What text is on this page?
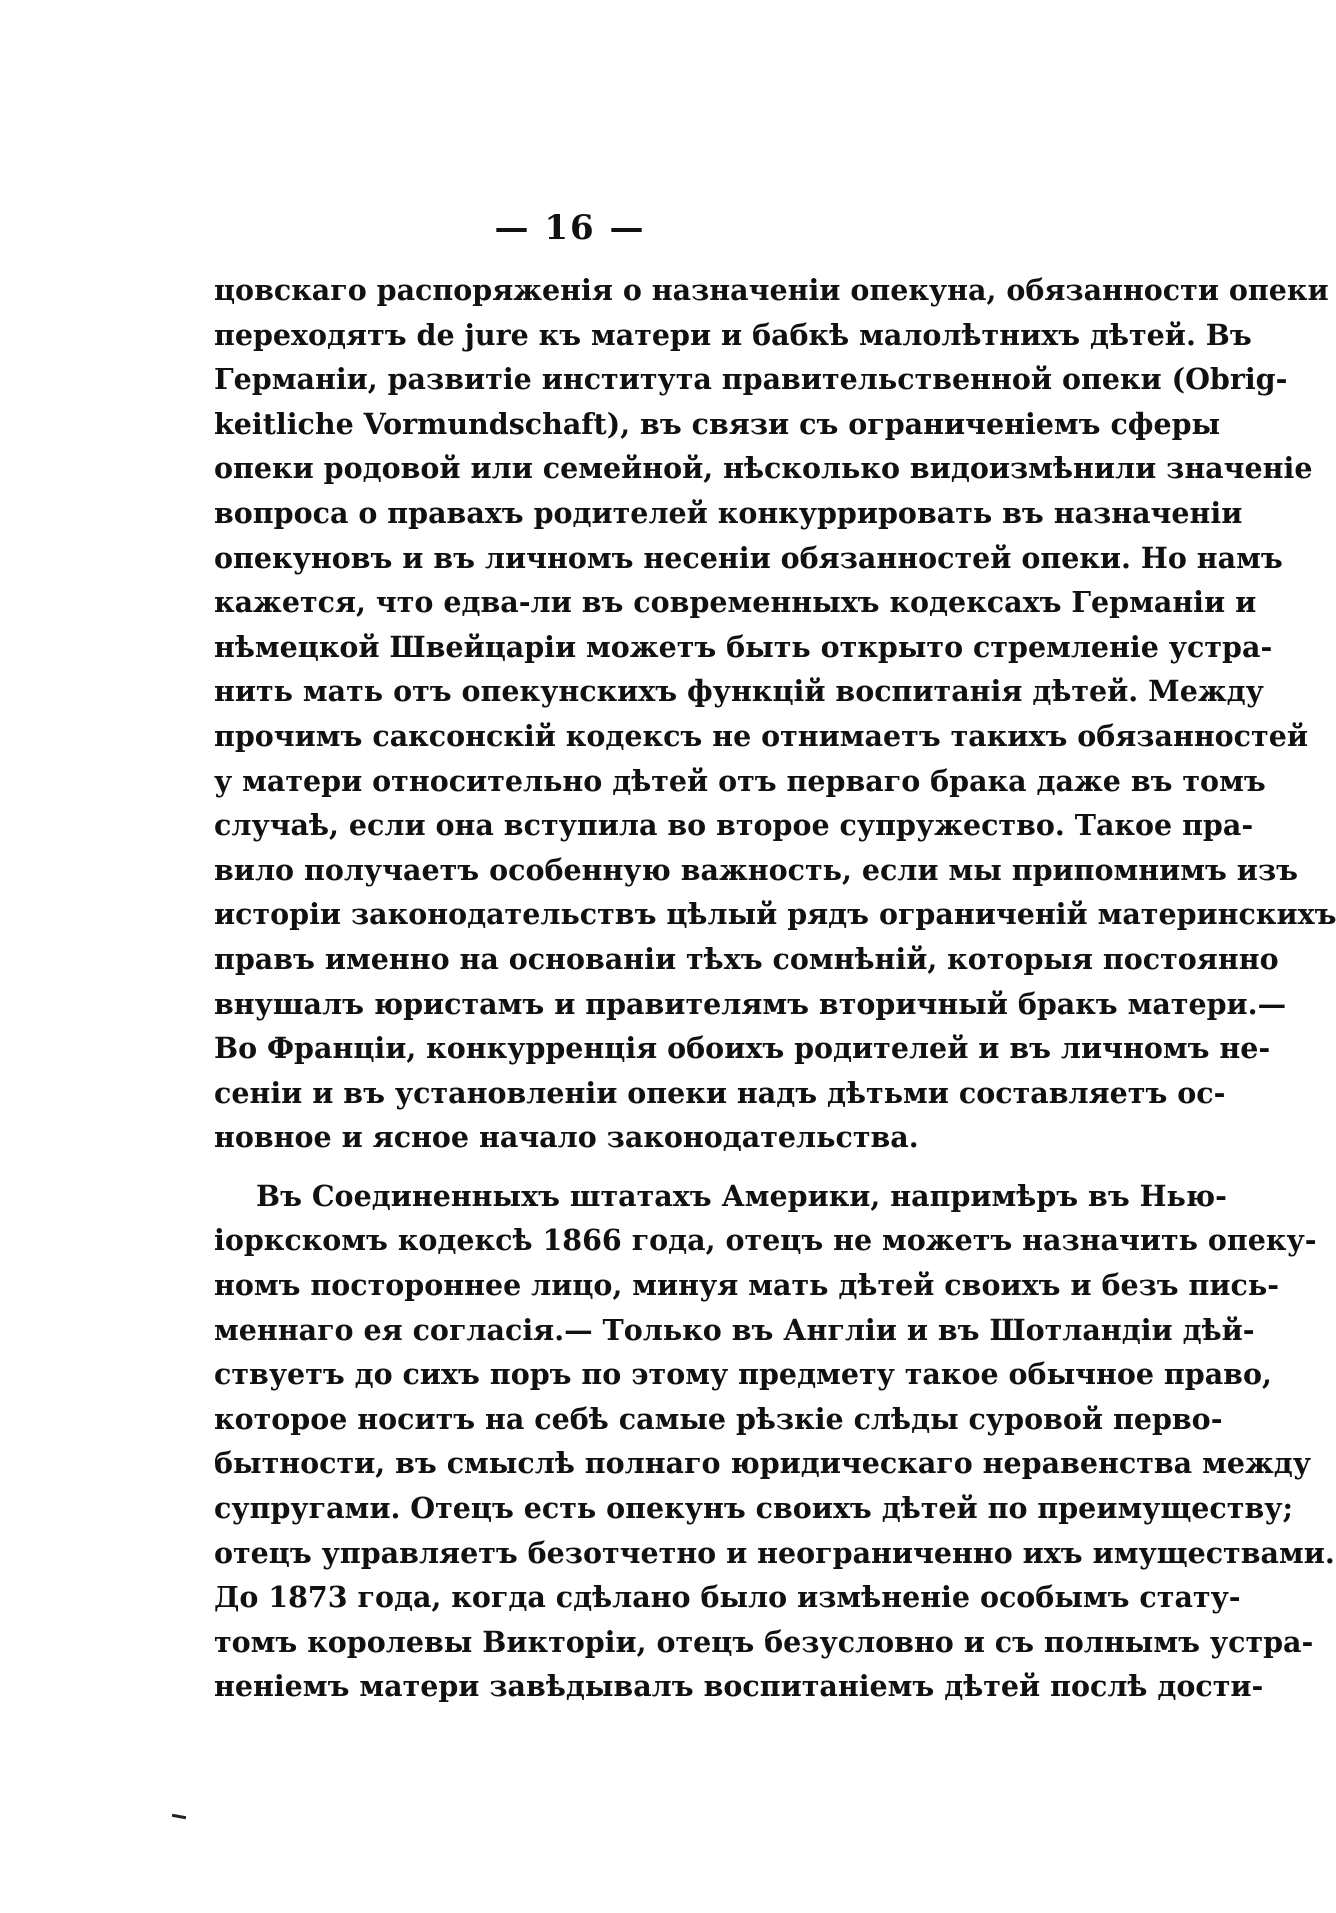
— 16 —
цовскаго распоряженія о назначеніи опекуна, обязанности опеки
переходятъ de jure къ матери и бабкѣ малолѣтнихъ дѣтей. Въ
Германіи, развитіе института правительственной опеки (Obrig-
keitliche Vormundschaft), въ связи съ ограниченіемъ сферы
опеки родовой или семейной, нѣсколько видоизмѣнили значеніе
вопроса о правахъ родителей конкуррировать въ назначеніи
опекуновъ и въ личномъ несеніи обязанностей опеки. Но намъ
кажется, что едва-ли въ современныхъ кодексахъ Германіи и
нѣмецкой Швейцаріи можетъ быть открыто стремленіе устра-
нить мать отъ опекунскихъ функцій воспитанія дѣтей. Между
прочимъ саксонскій кодексъ не отнимаетъ такихъ обязанностей
у матери относительно дѣтей отъ перваго брака даже въ томъ
случаѣ, если она вступила во второе супружество. Такое пра-
вило получаетъ особенную важность, если мы припомнимъ изъ
исторіи законодательствъ цѣлый рядъ ограниченій материнскихъ
правъ именно на основаніи тѣхъ сомнѣній, которыя постоянно
внушалъ юристамъ и правителямъ вторичный бракъ матери.—
Во Франціи, конкурренція обоихъ родителей и въ личномъ не-
сеніи и въ установленіи опеки надъ дѣтьми составляетъ ос-
новное и ясное начало законодательства.
Въ Соединенныхъ штатахъ Америки, напримѣръ въ Нью-
іоркскомъ кодексѣ 1866 года, отецъ не можетъ назначить опеку-
номъ постороннее лицо, минуя мать дѣтей своихъ и безъ пись-
меннаго ея согласія.— Только въ Англіи и въ Шотландіи дѣй-
ствуетъ до сихъ поръ по этому предмету такое обычное право,
которое носитъ на себѣ самые рѣзкіе слѣды суровой перво-
бытности, въ смыслѣ полнаго юридическаго неравенства между
супругами. Отецъ есть опекунъ своихъ дѣтей по преимуществу;
отецъ управляетъ безотчетно и неограниченно ихъ имуществами.
До 1873 года, когда сдѣлано было измѣненіе особымъ стату-
томъ королевы Викторіи, отецъ безусловно и съ полнымъ устра-
неніемъ матери завѣдывалъ воспитаніемъ дѣтей послѣ дости-
